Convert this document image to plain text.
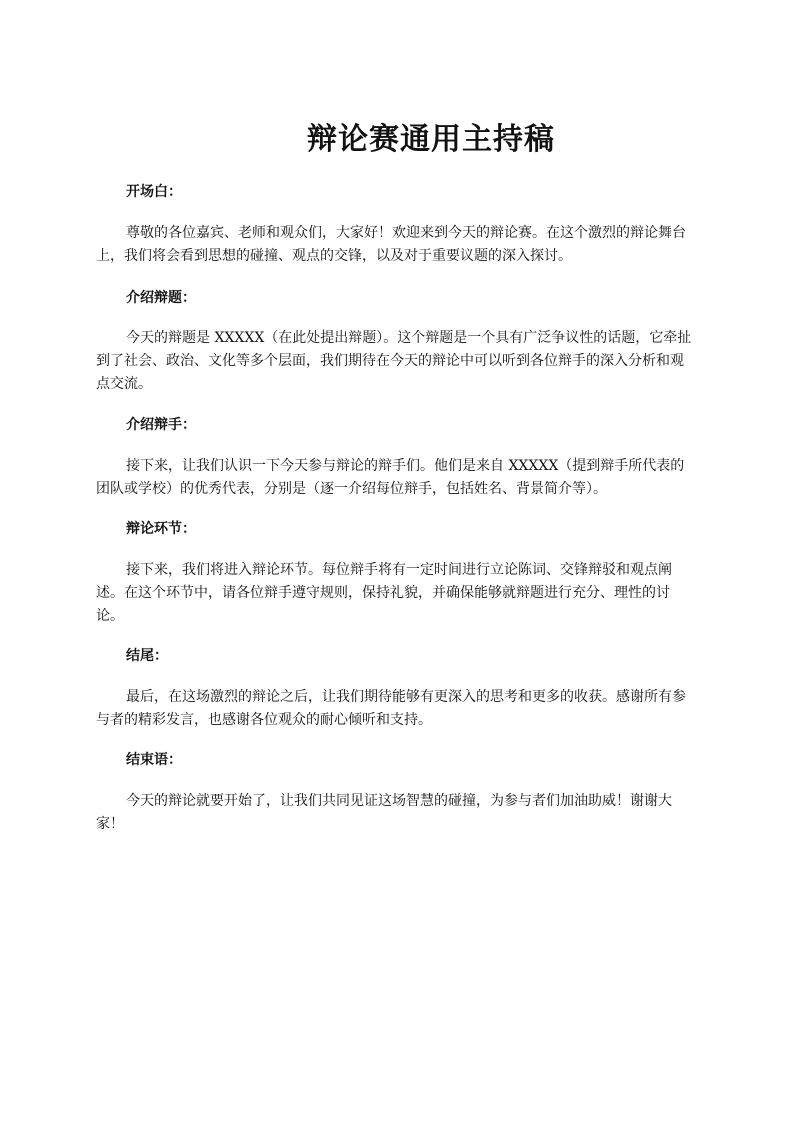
辩论赛通用主持稿
开场白：
尊敬的各位嘉宾、老师和观众们，大家好！欢迎来到今天的辩论赛。在这个激烈的辩论舞台上，我们将会看到思想的碰撞、观点的交锋，以及对于重要议题的深入探讨。
介绍辩题：
今天的辩题是 XXXXX（在此处提出辩题）。这个辩题是一个具有广泛争议性的话题，它牵扯到了社会、政治、文化等多个层面，我们期待在今天的辩论中可以听到各位辩手的深入分析和观点交流。
介绍辩手：
接下来，让我们认识一下今天参与辩论的辩手们。他们是来自 XXXXX（提到辩手所代表的团队或学校）的优秀代表，分别是（逐一介绍每位辩手，包括姓名、背景简介等）。
辩论环节：
接下来，我们将进入辩论环节。每位辩手将有一定时间进行立论陈词、交锋辩驳和观点阐述。在这个环节中，请各位辩手遵守规则，保持礼貌，并确保能够就辩题进行充分、理性的讨论。
结尾：
最后，在这场激烈的辩论之后，让我们期待能够有更深入的思考和更多的收获。感谢所有参与者的精彩发言，也感谢各位观众的耐心倾听和支持。
结束语：
今天的辩论就要开始了，让我们共同见证这场智慧的碰撞，为参与者们加油助威！谢谢大家！
